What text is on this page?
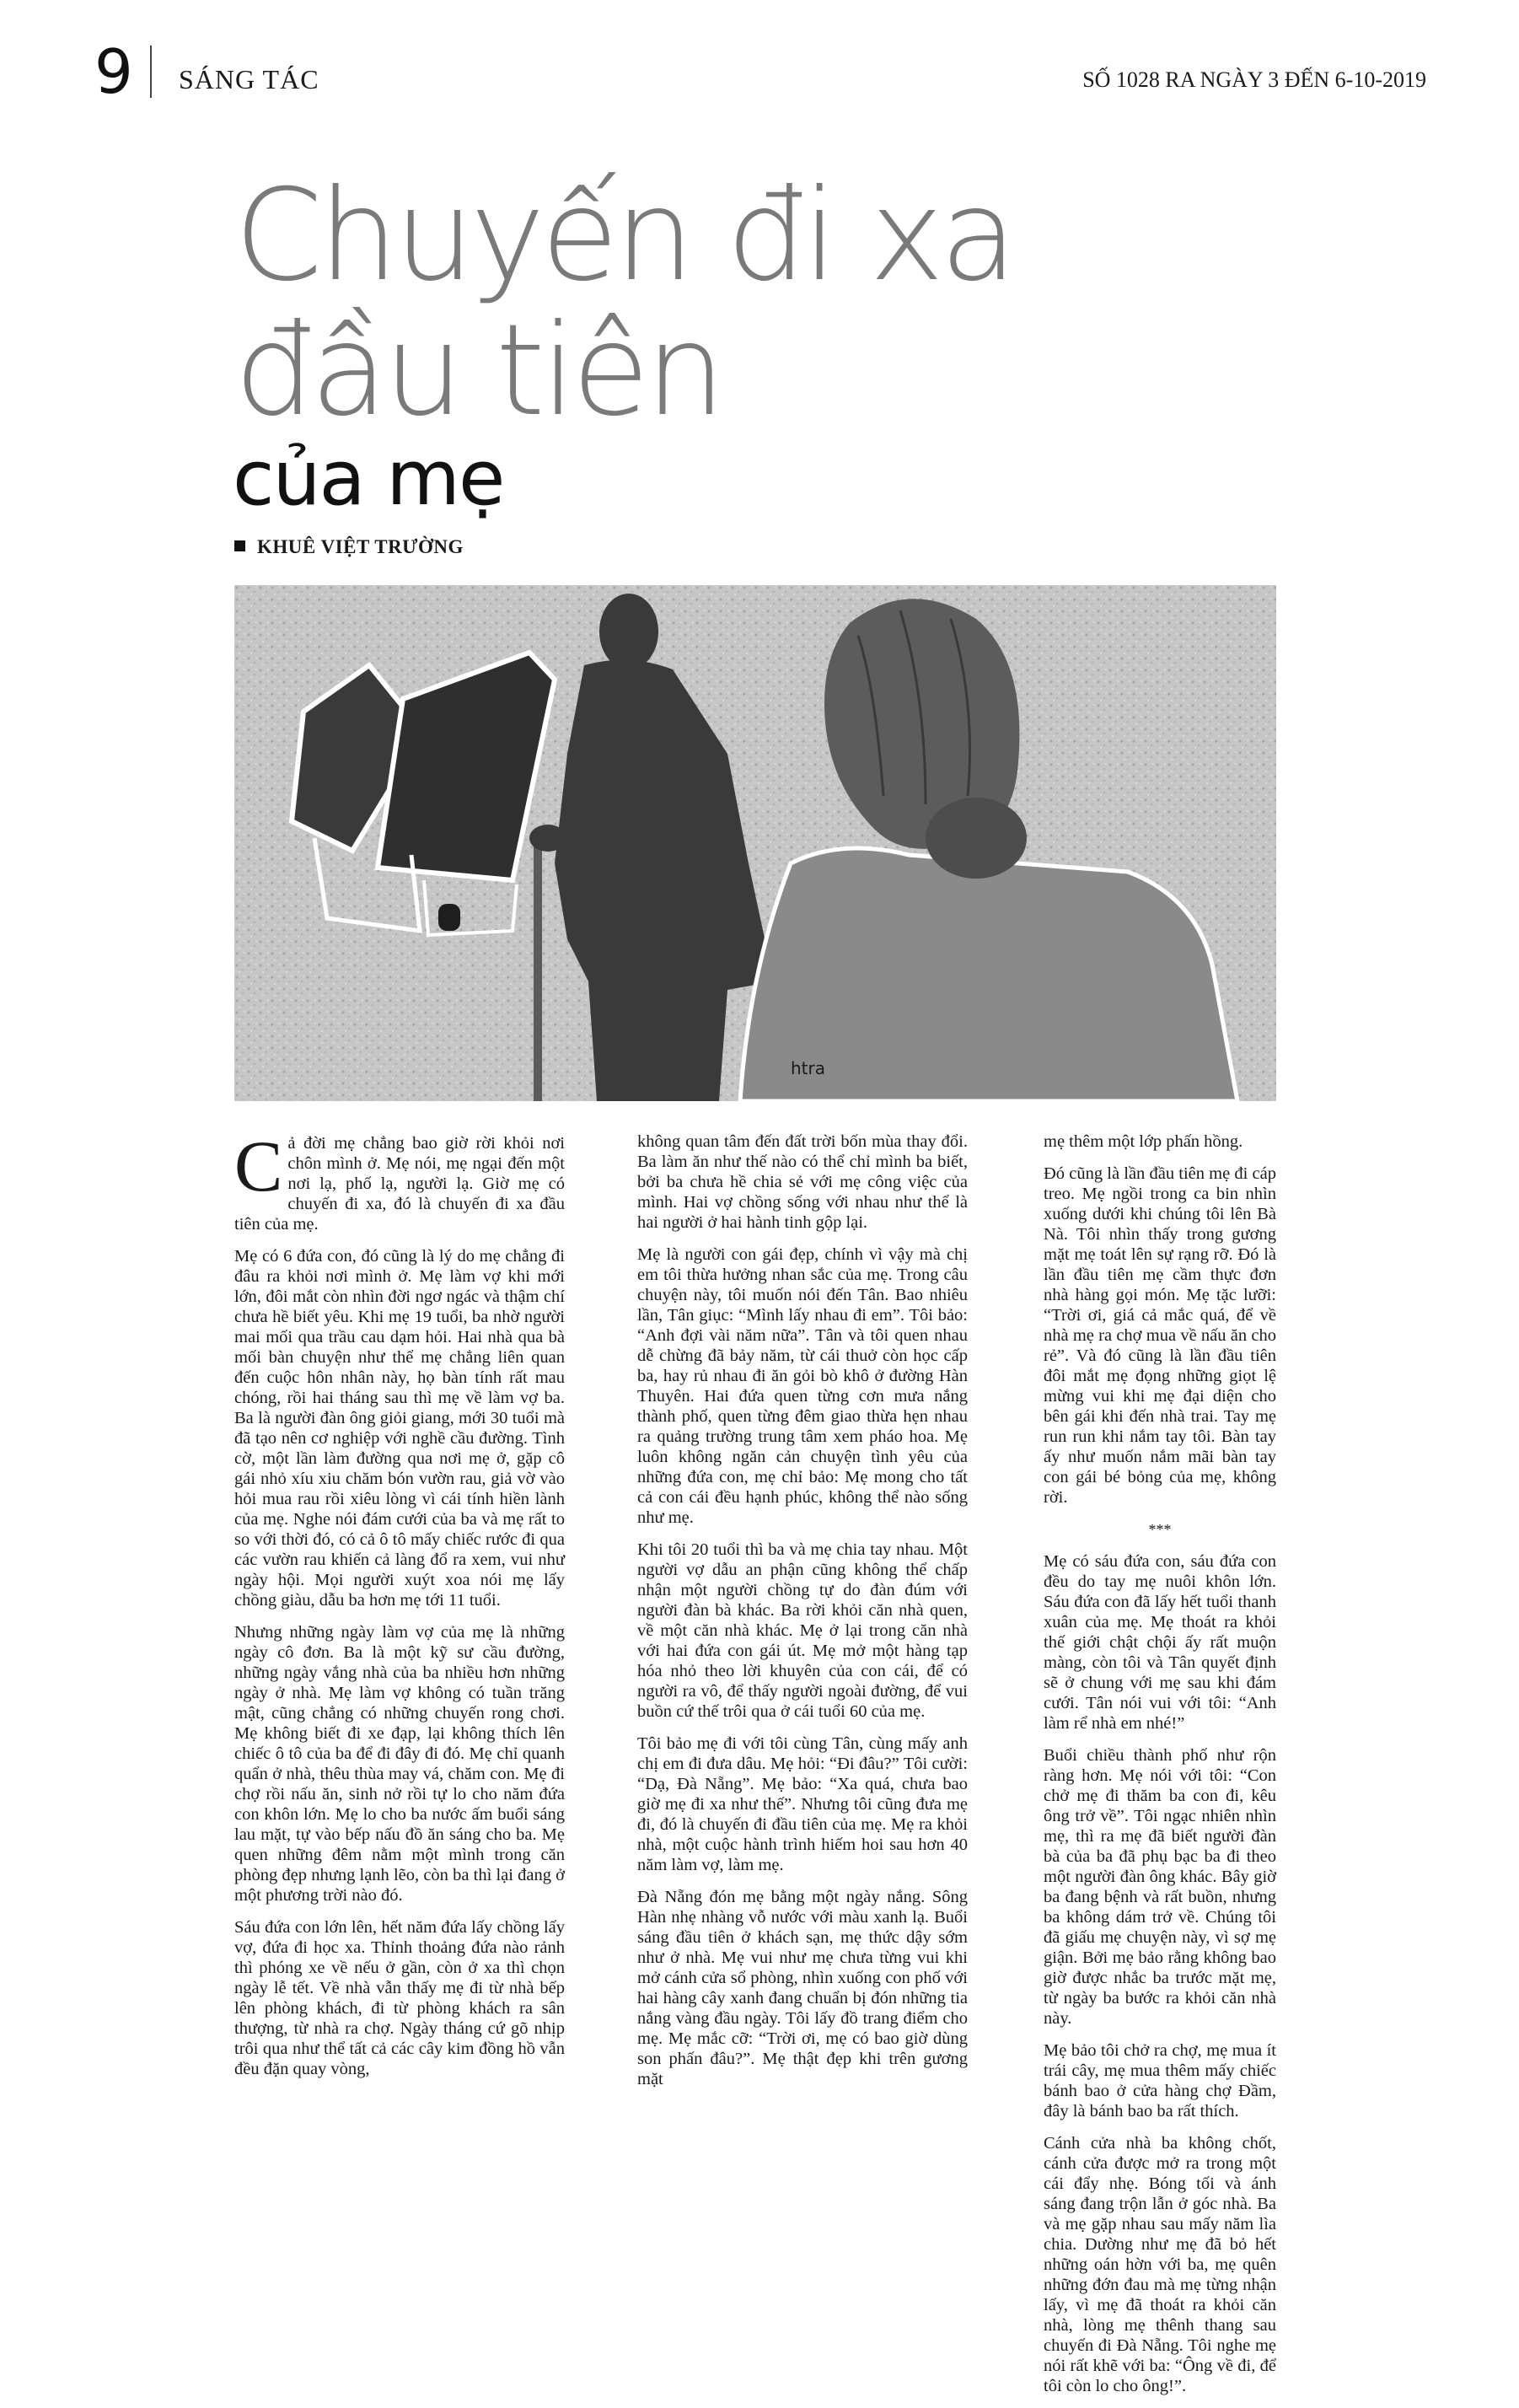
9 SÁNG TÁC	SỐ 1028 RA NGÀY 3 ĐẾN 6-10-2019
Chuyến đi xa
đầu tiên
của mẹ
KHUÊ VIỆT TRƯỜNG
htra

Cả đời mẹ chẳng bao giờ rời khỏi nơi chôn mình ở. Mẹ nói, mẹ ngại đến một nơi lạ, phố lạ, người lạ. Giờ mẹ có chuyến đi xa, đó là chuyến đi xa đầu tiên của mẹ.

Mẹ có 6 đứa con, đó cũng là lý do mẹ chẳng đi đâu ra khỏi nơi mình ở. Mẹ làm vợ khi mới lớn, đôi mắt còn nhìn đời ngơ ngác và thậm chí chưa hề biết yêu. Khi mẹ 19 tuổi, ba nhờ người mai mối qua trầu cau dạm hỏi. Hai nhà qua bà mối bàn chuyện như thể mẹ chẳng liên quan đến cuộc hôn nhân này, họ bàn tính rất mau chóng, rồi hai tháng sau thì mẹ về làm vợ ba. Ba là người đàn ông giỏi giang, mới 30 tuổi mà đã tạo nên cơ nghiệp với nghề cầu đường. Tình cờ, một lần làm đường qua nơi mẹ ở, gặp cô gái nhỏ xíu xiu chăm bón vườn rau, giả vờ vào hỏi mua rau rồi xiêu lòng vì cái tính hiền lành của mẹ. Nghe nói đám cưới của ba và mẹ rất to so với thời đó, có cả ô tô mấy chiếc rước đi qua các vườn rau khiến cả làng đổ ra xem, vui như ngày hội. Mọi người xuýt xoa nói mẹ lấy chồng giàu, dẫu ba hơn mẹ tới 11 tuổi.

Nhưng những ngày làm vợ của mẹ là những ngày cô đơn. Ba là một kỹ sư cầu đường, những ngày vắng nhà của ba nhiều hơn những ngày ở nhà. Mẹ làm vợ không có tuần trăng mật, cũng chẳng có những chuyến rong chơi. Mẹ không biết đi xe đạp, lại không thích lên chiếc ô tô của ba để đi đây đi đó. Mẹ chỉ quanh quẩn ở nhà, thêu thùa may vá, chăm con. Mẹ đi chợ rồi nấu ăn, sinh nở rồi tự lo cho năm đứa con khôn lớn. Mẹ lo cho ba nước ấm buổi sáng lau mặt, tự vào bếp nấu đồ ăn sáng cho ba. Mẹ quen những đêm nằm một mình trong căn phòng đẹp nhưng lạnh lẽo, còn ba thì lại đang ở một phương trời nào đó.

Sáu đứa con lớn lên, hết năm đứa lấy chồng lấy vợ, đứa đi học xa. Thỉnh thoảng đứa nào rảnh thì phóng xe về nếu ở gần, còn ở xa thì chọn ngày lễ tết. Về nhà vẫn thấy mẹ đi từ nhà bếp lên phòng khách, đi từ phòng khách ra sân thượng, từ nhà ra chợ. Ngày tháng cứ gõ nhịp trôi qua như thể tất cả các cây kim đồng hồ vẫn đều đặn quay vòng,

không quan tâm đến đất trời bốn mùa thay đổi. Ba làm ăn như thế nào có thể chỉ mình ba biết, bởi ba chưa hề chia sẻ với mẹ công việc của mình. Hai vợ chồng sống với nhau như thể là hai người ở hai hành tinh gộp lại.

Mẹ là người con gái đẹp, chính vì vậy mà chị em tôi thừa hưởng nhan sắc của mẹ. Trong câu chuyện này, tôi muốn nói đến Tân. Bao nhiêu lần, Tân giục: “Mình lấy nhau đi em”. Tôi bảo: “Anh đợi vài năm nữa”. Tân và tôi quen nhau dễ chừng đã bảy năm, từ cái thuở còn học cấp ba, hay rủ nhau đi ăn gỏi bò khô ở đường Hàn Thuyên. Hai đứa quen từng cơn mưa nắng thành phố, quen từng đêm giao thừa hẹn nhau ra quảng trường trung tâm xem pháo hoa. Mẹ luôn không ngăn cản chuyện tình yêu của những đứa con, mẹ chỉ bảo: Mẹ mong cho tất cả con cái đều hạnh phúc, không thể nào sống như mẹ.

Khi tôi 20 tuổi thì ba và mẹ chia tay nhau. Một người vợ dẫu an phận cũng không thể chấp nhận một người chồng tự do đàn đúm với người đàn bà khác. Ba rời khỏi căn nhà quen, về một căn nhà khác. Mẹ ở lại trong căn nhà với hai đứa con gái út. Mẹ mở một hàng tạp hóa nhỏ theo lời khuyên của con cái, để có người ra vô, để thấy người ngoài đường, để vui buồn cứ thế trôi qua ở cái tuổi 60 của mẹ.

Tôi bảo mẹ đi với tôi cùng Tân, cùng mấy anh chị em đi đưa dâu. Mẹ hỏi: “Đi đâu?” Tôi cười: “Dạ, Đà Nẵng”. Mẹ bảo: “Xa quá, chưa bao giờ mẹ đi xa như thế”. Nhưng tôi cũng đưa mẹ đi, đó là chuyến đi đầu tiên của mẹ. Mẹ ra khỏi nhà, một cuộc hành trình hiếm hoi sau hơn 40 năm làm vợ, làm mẹ.

Đà Nẵng đón mẹ bằng một ngày nắng. Sông Hàn nhẹ nhàng vỗ nước với màu xanh lạ. Buổi sáng đầu tiên ở khách sạn, mẹ thức dậy sớm như ở nhà. Mẹ vui như mẹ chưa từng vui khi mở cánh cửa sổ phòng, nhìn xuống con phố với hai hàng cây xanh đang chuẩn bị đón những tia nắng vàng đầu ngày. Tôi lấy đồ trang điểm cho mẹ. Mẹ mắc cỡ: “Trời ơi, mẹ có bao giờ dùng son phấn đâu?”. Mẹ thật đẹp khi trên gương mặt

mẹ thêm một lớp phấn hồng.

Đó cũng là lần đầu tiên mẹ đi cáp treo. Mẹ ngồi trong ca bin nhìn xuống dưới khi chúng tôi lên Bà Nà. Tôi nhìn thấy trong gương mặt mẹ toát lên sự rạng rỡ. Đó là lần đầu tiên mẹ cầm thực đơn nhà hàng gọi món. Mẹ tặc lưỡi: “Trời ơi, giá cả mắc quá, để về nhà mẹ ra chợ mua về nấu ăn cho rẻ”. Và đó cũng là lần đầu tiên đôi mắt mẹ đọng những giọt lệ mừng vui khi mẹ đại diện cho bên gái khi đến nhà trai. Tay mẹ run run khi nắm tay tôi. Bàn tay ấy như muốn nắm mãi bàn tay con gái bé bỏng của mẹ, không rời.

***

Mẹ có sáu đứa con, sáu đứa con đều do tay mẹ nuôi khôn lớn. Sáu đứa con đã lấy hết tuổi thanh xuân của mẹ. Mẹ thoát ra khỏi thế giới chật chội ấy rất muộn màng, còn tôi và Tân quyết định sẽ ở chung với mẹ sau khi đám cưới. Tân nói vui với tôi: “Anh làm rể nhà em nhé!”

Buổi chiều thành phố như rộn ràng hơn. Mẹ nói với tôi: “Con chở mẹ đi thăm ba con đi, kêu ông trở về”. Tôi ngạc nhiên nhìn mẹ, thì ra mẹ đã biết người đàn bà của ba đã phụ bạc ba đi theo một người đàn ông khác. Bây giờ ba đang bệnh và rất buồn, nhưng ba không dám trở về. Chúng tôi đã giấu mẹ chuyện này, vì sợ mẹ giận. Bởi mẹ bảo rằng không bao giờ được nhắc ba trước mặt mẹ, từ ngày ba bước ra khỏi căn nhà này.

Mẹ bảo tôi chở ra chợ, mẹ mua ít trái cây, mẹ mua thêm mấy chiếc bánh bao ở cửa hàng chợ Đầm, đây là bánh bao ba rất thích.

Cánh cửa nhà ba không chốt, cánh cửa được mở ra trong một cái đẩy nhẹ. Bóng tối và ánh sáng đang trộn lẫn ở góc nhà. Ba và mẹ gặp nhau sau mấy năm lìa chia. Dường như mẹ đã bỏ hết những oán hờn với ba, mẹ quên những đớn đau mà mẹ từng nhận lấy, vì mẹ đã thoát ra khỏi căn nhà, lòng mẹ thênh thang sau chuyến đi Đà Nẵng. Tôi nghe mẹ nói rất khẽ với ba: “Ông về đi, để tôi còn lo cho ông!”.
